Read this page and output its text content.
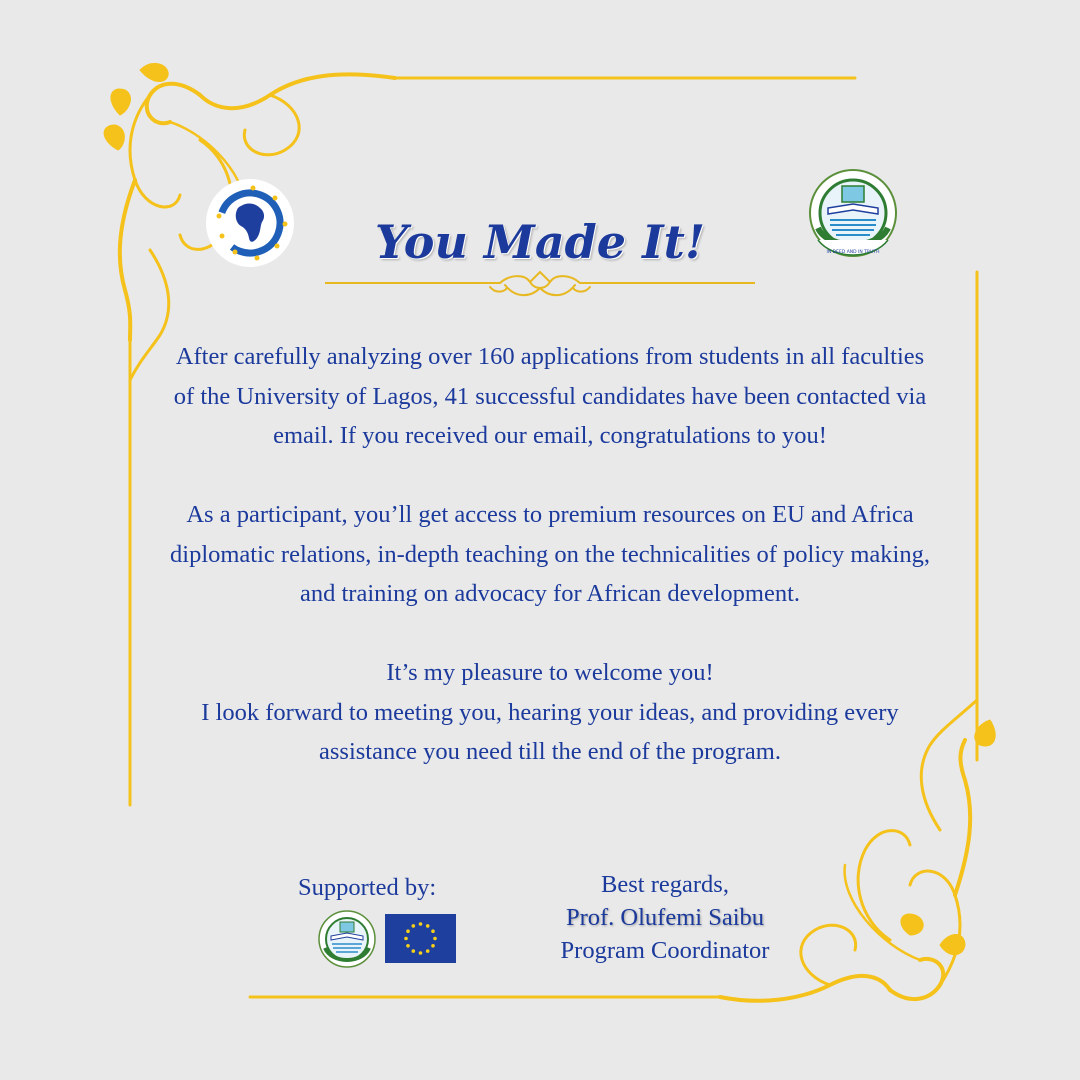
IN DEED AND IN TRUTH
You Made It!

After carefully analyzing over 160 applications from students in all faculties of the University of Lagos, 41 successful candidates have been contacted via email. If you received our email, congratulations to you!

As a participant, you’ll get access to premium resources on EU and Africa diplomatic relations, in-depth teaching on the technicalities of policy making, and training on advocacy for African development.

It’s my pleasure to welcome you!

I look forward to meeting you, hearing your ideas, and providing every assistance you need till the end of the program.

Supported by:	Best regards,
Prof. Olufemi Saibu
Program Coordinator
